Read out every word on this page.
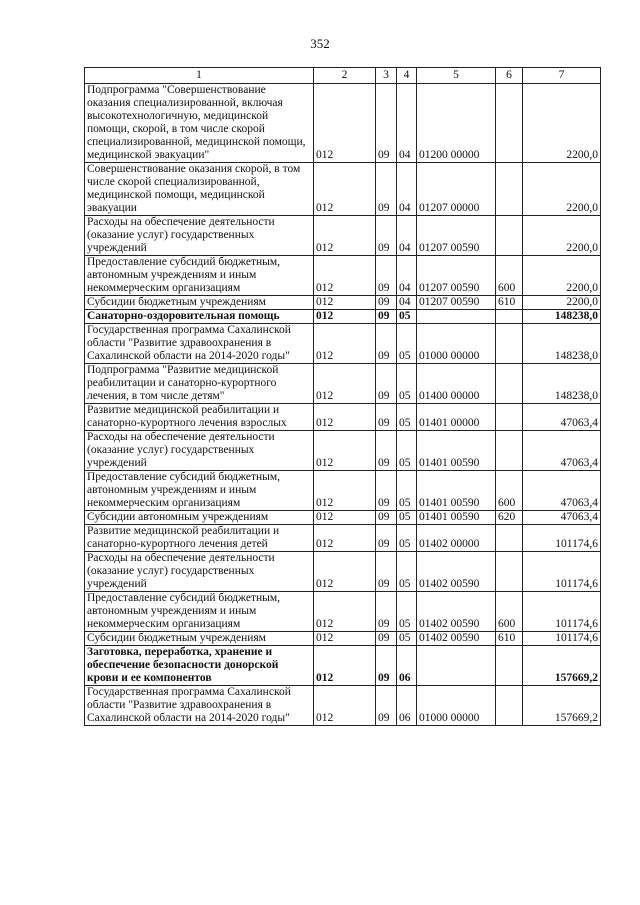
352
1	2	3	4	5	6	7
Подпрограмма "Совершенствование оказания специализированной, включая высокотехнологичную, медицинской помощи, скорой, в том числе скорой специализированной, медицинской помощи, медицинской эвакуации"	012	09	04	01200 00000		2200,0
Совершенствование оказания скорой, в том числе скорой специализированной, медицинской помощи, медицинской эвакуации	012	09	04	01207 00000		2200,0
Расходы на обеспечение деятельности (оказание услуг) государственных учреждений	012	09	04	01207 00590		2200,0
Предоставление субсидий бюджетным, автономным учреждениям и иным некоммерческим организациям	012	09	04	01207 00590	600	2200,0
Субсидии бюджетным учреждениям	012	09	04	01207 00590	610	2200,0
Санаторно-оздоровительная помощь	012	09	05			148238,0
Государственная программа Сахалинской области "Развитие здравоохранения в Сахалинской области на 2014-2020 годы"	012	09	05	01000 00000		148238,0
Подпрограмма "Развитие медицинской реабилитации и санаторно-курортного лечения, в том числе детям"	012	09	05	01400 00000		148238,0
Развитие медицинской реабилитации и санаторно-курортного лечения взрослых	012	09	05	01401 00000		47063,4
Расходы на обеспечение деятельности (оказание услуг) государственных учреждений	012	09	05	01401 00590		47063,4
Предоставление субсидий бюджетным, автономным учреждениям и иным некоммерческим организациям	012	09	05	01401 00590	600	47063,4
Субсидии автономным учреждениям	012	09	05	01401 00590	620	47063,4
Развитие медицинской реабилитации и санаторно-курортного лечения детей	012	09	05	01402 00000		101174,6
Расходы на обеспечение деятельности (оказание услуг) государственных учреждений	012	09	05	01402 00590		101174,6
Предоставление субсидий бюджетным, автономным учреждениям и иным некоммерческим организациям	012	09	05	01402 00590	600	101174,6
Субсидии бюджетным учреждениям	012	09	05	01402 00590	610	101174,6
Заготовка, переработка, хранение и обеспечение безопасности донорской крови и ее компонентов	012	09	06			157669,2
Государственная программа Сахалинской области "Развитие здравоохранения в Сахалинской области на 2014-2020 годы"	012	09	06	01000 00000		157669,2
